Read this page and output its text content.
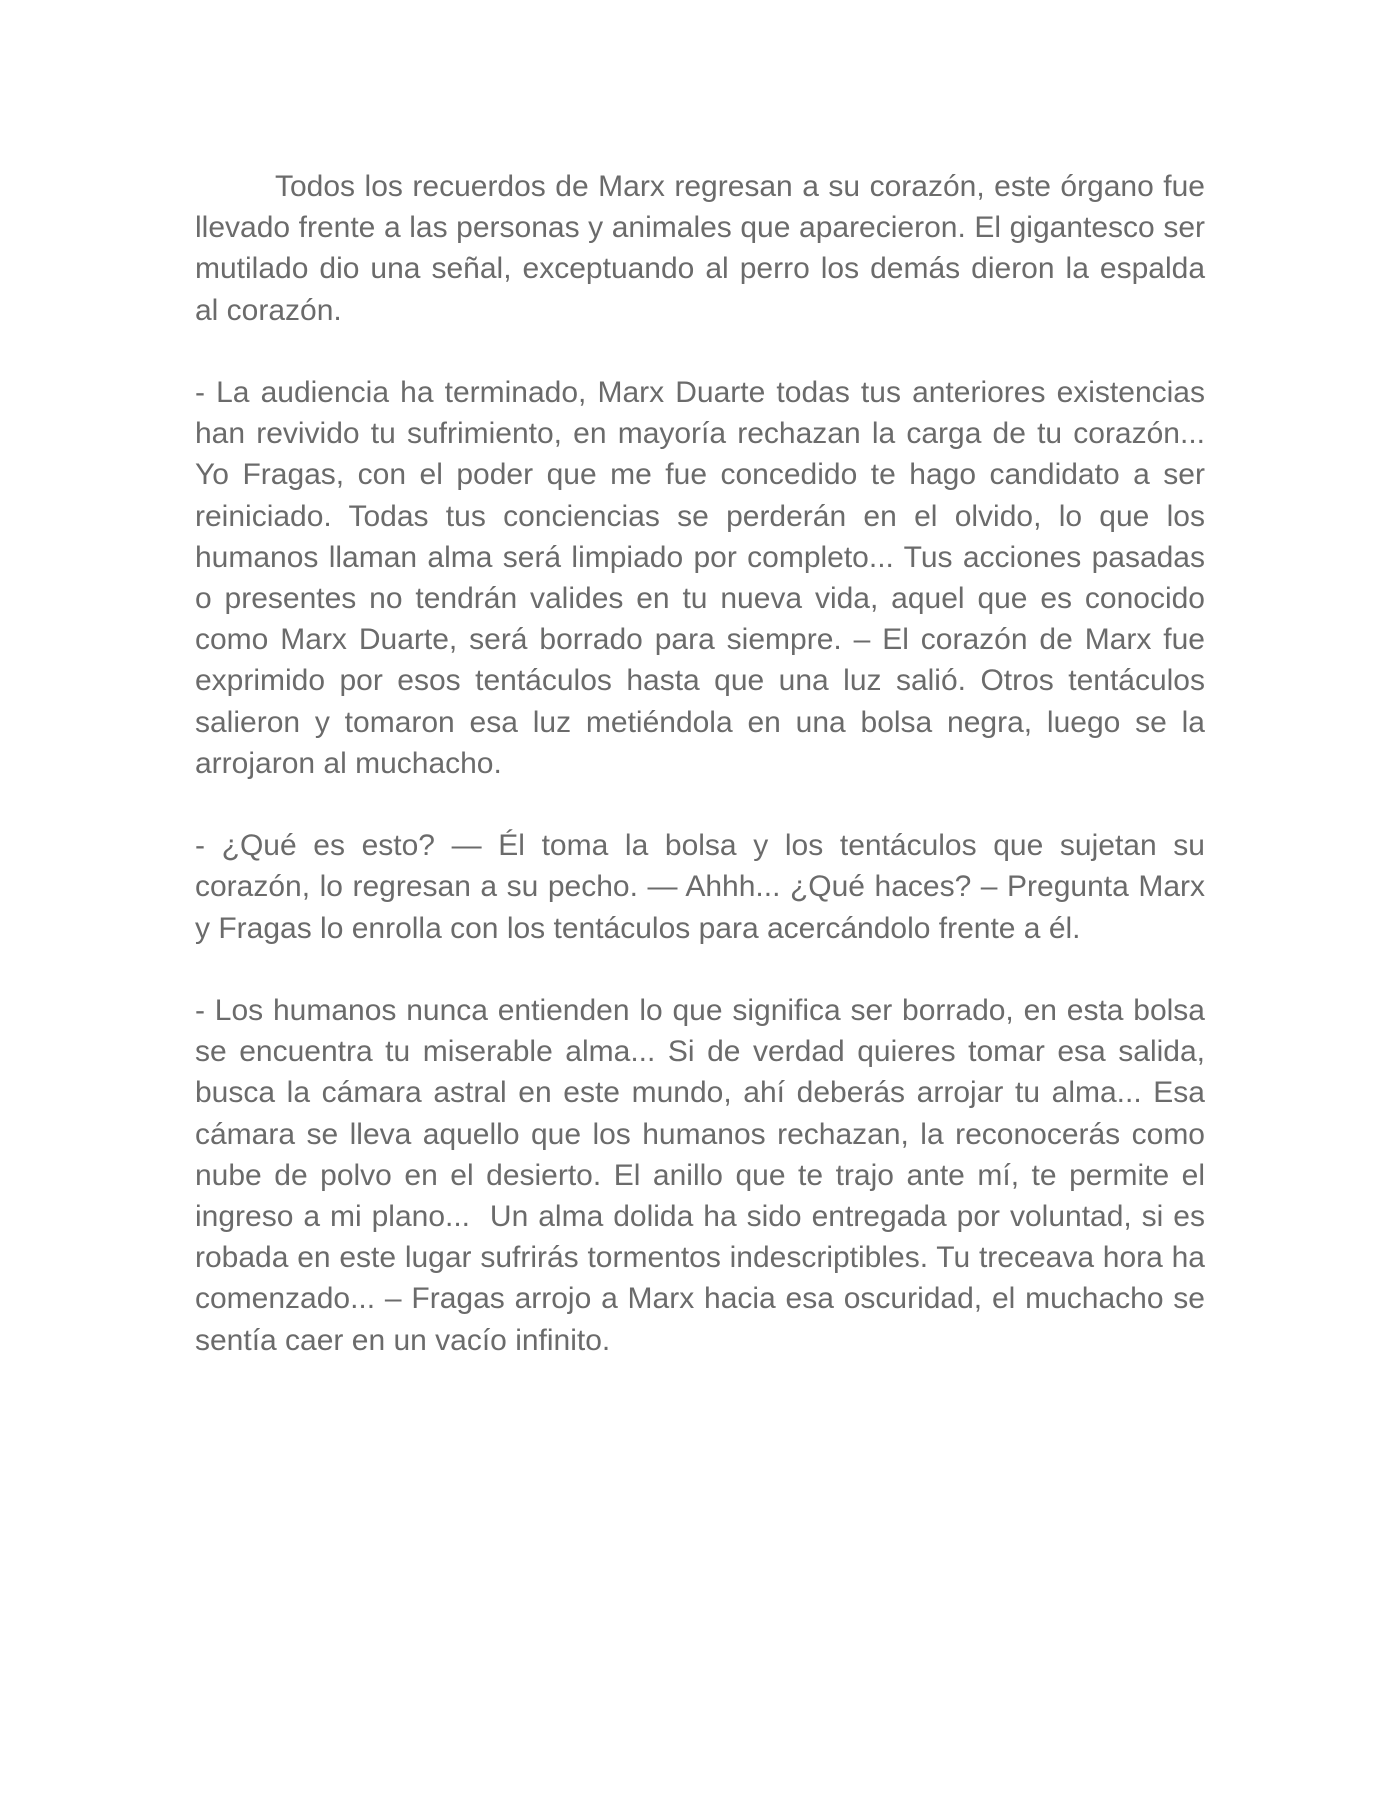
Todos los recuerdos de Marx regresan a su corazón, este órgano fue llevado frente a las personas y animales que aparecieron. El gigantesco ser mutilado dio una señal, exceptuando al perro los demás dieron la espalda al corazón.

- La audiencia ha terminado, Marx Duarte todas tus anteriores existencias han revivido tu sufrimiento, en mayoría rechazan la carga de tu corazón... Yo Fragas, con el poder que me fue concedido te hago candidato a ser reiniciado. Todas tus conciencias se perderán en el olvido, lo que los humanos llaman alma será limpiado por completo... Tus acciones pasadas o presentes no tendrán valides en tu nueva vida, aquel que es conocido como Marx Duarte, será borrado para siempre. – El corazón de Marx fue exprimido por esos tentáculos hasta que una luz salió. Otros tentáculos salieron y tomaron esa luz metiéndola en una bolsa negra, luego se la arrojaron al muchacho.

- ¿Qué es esto? — Él toma la bolsa y los tentáculos que sujetan su corazón, lo regresan a su pecho. — Ahhh... ¿Qué haces? – Pregunta Marx y Fragas lo enrolla con los tentáculos para acercándolo frente a él.

- Los humanos nunca entienden lo que significa ser borrado, en esta bolsa se encuentra tu miserable alma... Si de verdad quieres tomar esa salida, busca la cámara astral en este mundo, ahí deberás arrojar tu alma... Esa cámara se lleva aquello que los humanos rechazan, la reconocerás como nube de polvo en el desierto. El anillo que te trajo ante mí, te permite el ingreso a mi plano...  Un alma dolida ha sido entregada por voluntad, si es robada en este lugar sufrirás tormentos indescriptibles. Tu treceava hora ha comenzado... – Fragas arrojo a Marx hacia esa oscuridad, el muchacho se sentía caer en un vacío infinito.
